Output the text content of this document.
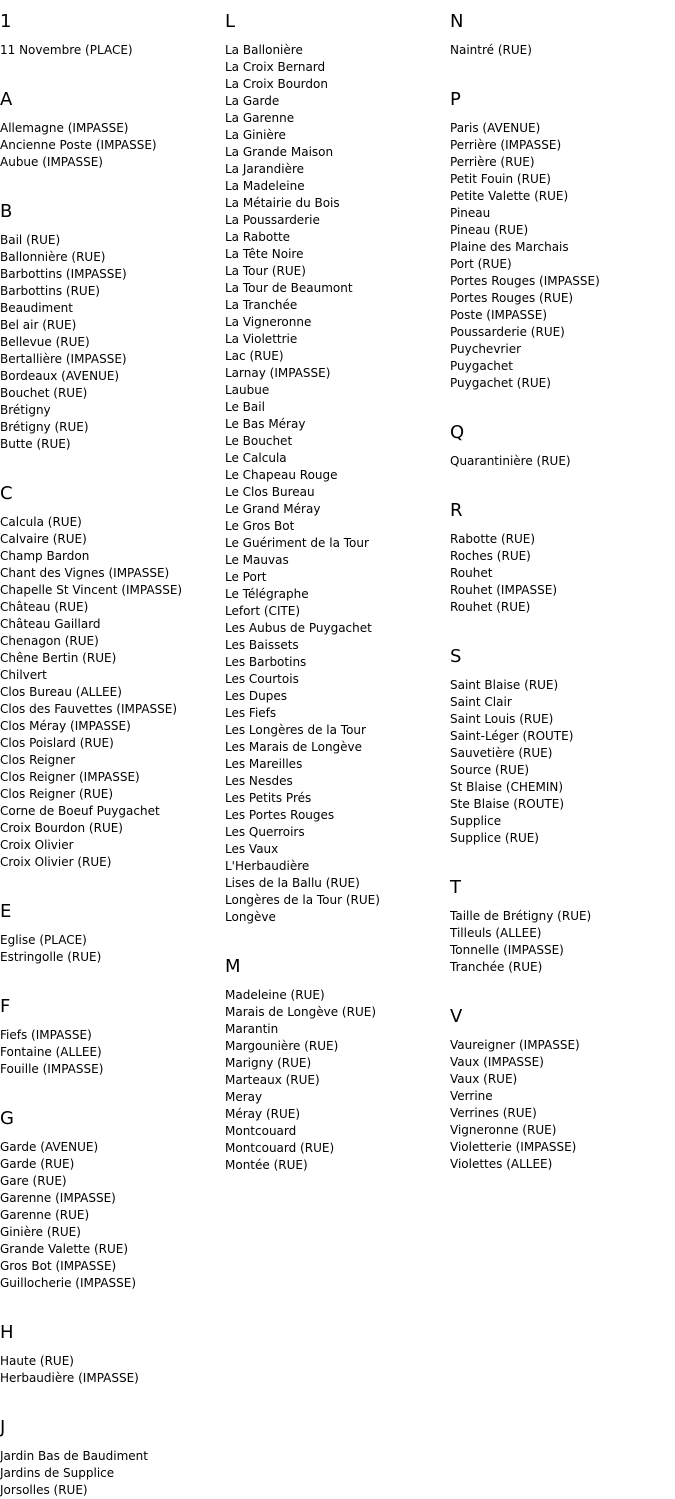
1
11 Novembre (PLACE)
A
Allemagne (IMPASSE)
Ancienne Poste (IMPASSE)
Aubue (IMPASSE)
B
Bail (RUE)
Ballonnière (RUE)
Barbottins (IMPASSE)
Barbottins (RUE)
Beaudiment
Bel air (RUE)
Bellevue (RUE)
Bertallière (IMPASSE)
Bordeaux (AVENUE)
Bouchet (RUE)
Brétigny
Brétigny (RUE)
Butte (RUE)
C
Calcula (RUE)
Calvaire (RUE)
Champ Bardon
Chant des Vignes (IMPASSE)
Chapelle St Vincent (IMPASSE)
Château (RUE)
Château Gaillard
Chenagon (RUE)
Chêne Bertin (RUE)
Chilvert
Clos Bureau (ALLEE)
Clos des Fauvettes (IMPASSE)
Clos Méray (IMPASSE)
Clos Poislard (RUE)
Clos Reigner
Clos Reigner (IMPASSE)
Clos Reigner (RUE)
Corne de Boeuf Puygachet
Croix Bourdon (RUE)
Croix Olivier
Croix Olivier (RUE)
E
Eglise (PLACE)
Estringolle (RUE)
F
Fiefs (IMPASSE)
Fontaine (ALLEE)
Fouille (IMPASSE)
G
Garde (AVENUE)
Garde (RUE)
Gare (RUE)
Garenne (IMPASSE)
Garenne (RUE)
Ginière (RUE)
Grande Valette (RUE)
Gros Bot (IMPASSE)
Guillocherie (IMPASSE)
H
Haute (RUE)
Herbaudière (IMPASSE)
J
Jardin Bas de Baudiment
Jardins de Supplice
Jorsolles (RUE)
L
La Ballonière
La Croix Bernard
La Croix Bourdon
La Garde
La Garenne
La Ginière
La Grande Maison
La Jarandière
La Madeleine
La Métairie du Bois
La Poussarderie
La Rabotte
La Tête Noire
La Tour (RUE)
La Tour de Beaumont
La Tranchée
La Vigneronne
La Violettrie
Lac (RUE)
Larnay (IMPASSE)
Laubue
Le Bail
Le Bas Méray
Le Bouchet
Le Calcula
Le Chapeau Rouge
Le Clos Bureau
Le Grand Méray
Le Gros Bot
Le Guériment de la Tour
Le Mauvas
Le Port
Le Télégraphe
Lefort (CITE)
Les Aubus de Puygachet
Les Baissets
Les Barbotins
Les Courtois
Les Dupes
Les Fiefs
Les Longères de la Tour
Les Marais de Longève
Les Mareilles
Les Nesdes
Les Petits Prés
Les Portes Rouges
Les Querroirs
Les Vaux
L'Herbaudière
Lises de la Ballu (RUE)
Longères de la Tour (RUE)
Longève
M
Madeleine (RUE)
Marais de Longève (RUE)
Marantin
Margounière (RUE)
Marigny (RUE)
Marteaux (RUE)
Meray
Méray (RUE)
Montcouard
Montcouard (RUE)
Montée (RUE)
N
Naintré (RUE)
P
Paris (AVENUE)
Perrière (IMPASSE)
Perrière (RUE)
Petit Fouin (RUE)
Petite Valette (RUE)
Pineau
Pineau (RUE)
Plaine des Marchais
Port (RUE)
Portes Rouges (IMPASSE)
Portes Rouges (RUE)
Poste (IMPASSE)
Poussarderie (RUE)
Puychevrier
Puygachet
Puygachet (RUE)
Q
Quarantinière (RUE)
R
Rabotte (RUE)
Roches (RUE)
Rouhet
Rouhet (IMPASSE)
Rouhet (RUE)
S
Saint Blaise (RUE)
Saint Clair
Saint Louis (RUE)
Saint-Léger (ROUTE)
Sauvetière (RUE)
Source (RUE)
St Blaise (CHEMIN)
Ste Blaise (ROUTE)
Supplice
Supplice (RUE)
T
Taille de Brétigny (RUE)
Tilleuls (ALLEE)
Tonnelle (IMPASSE)
Tranchée (RUE)
V
Vaureigner (IMPASSE)
Vaux (IMPASSE)
Vaux (RUE)
Verrine
Verrines (RUE)
Vigneronne (RUE)
Violetterie (IMPASSE)
Violettes (ALLEE)
